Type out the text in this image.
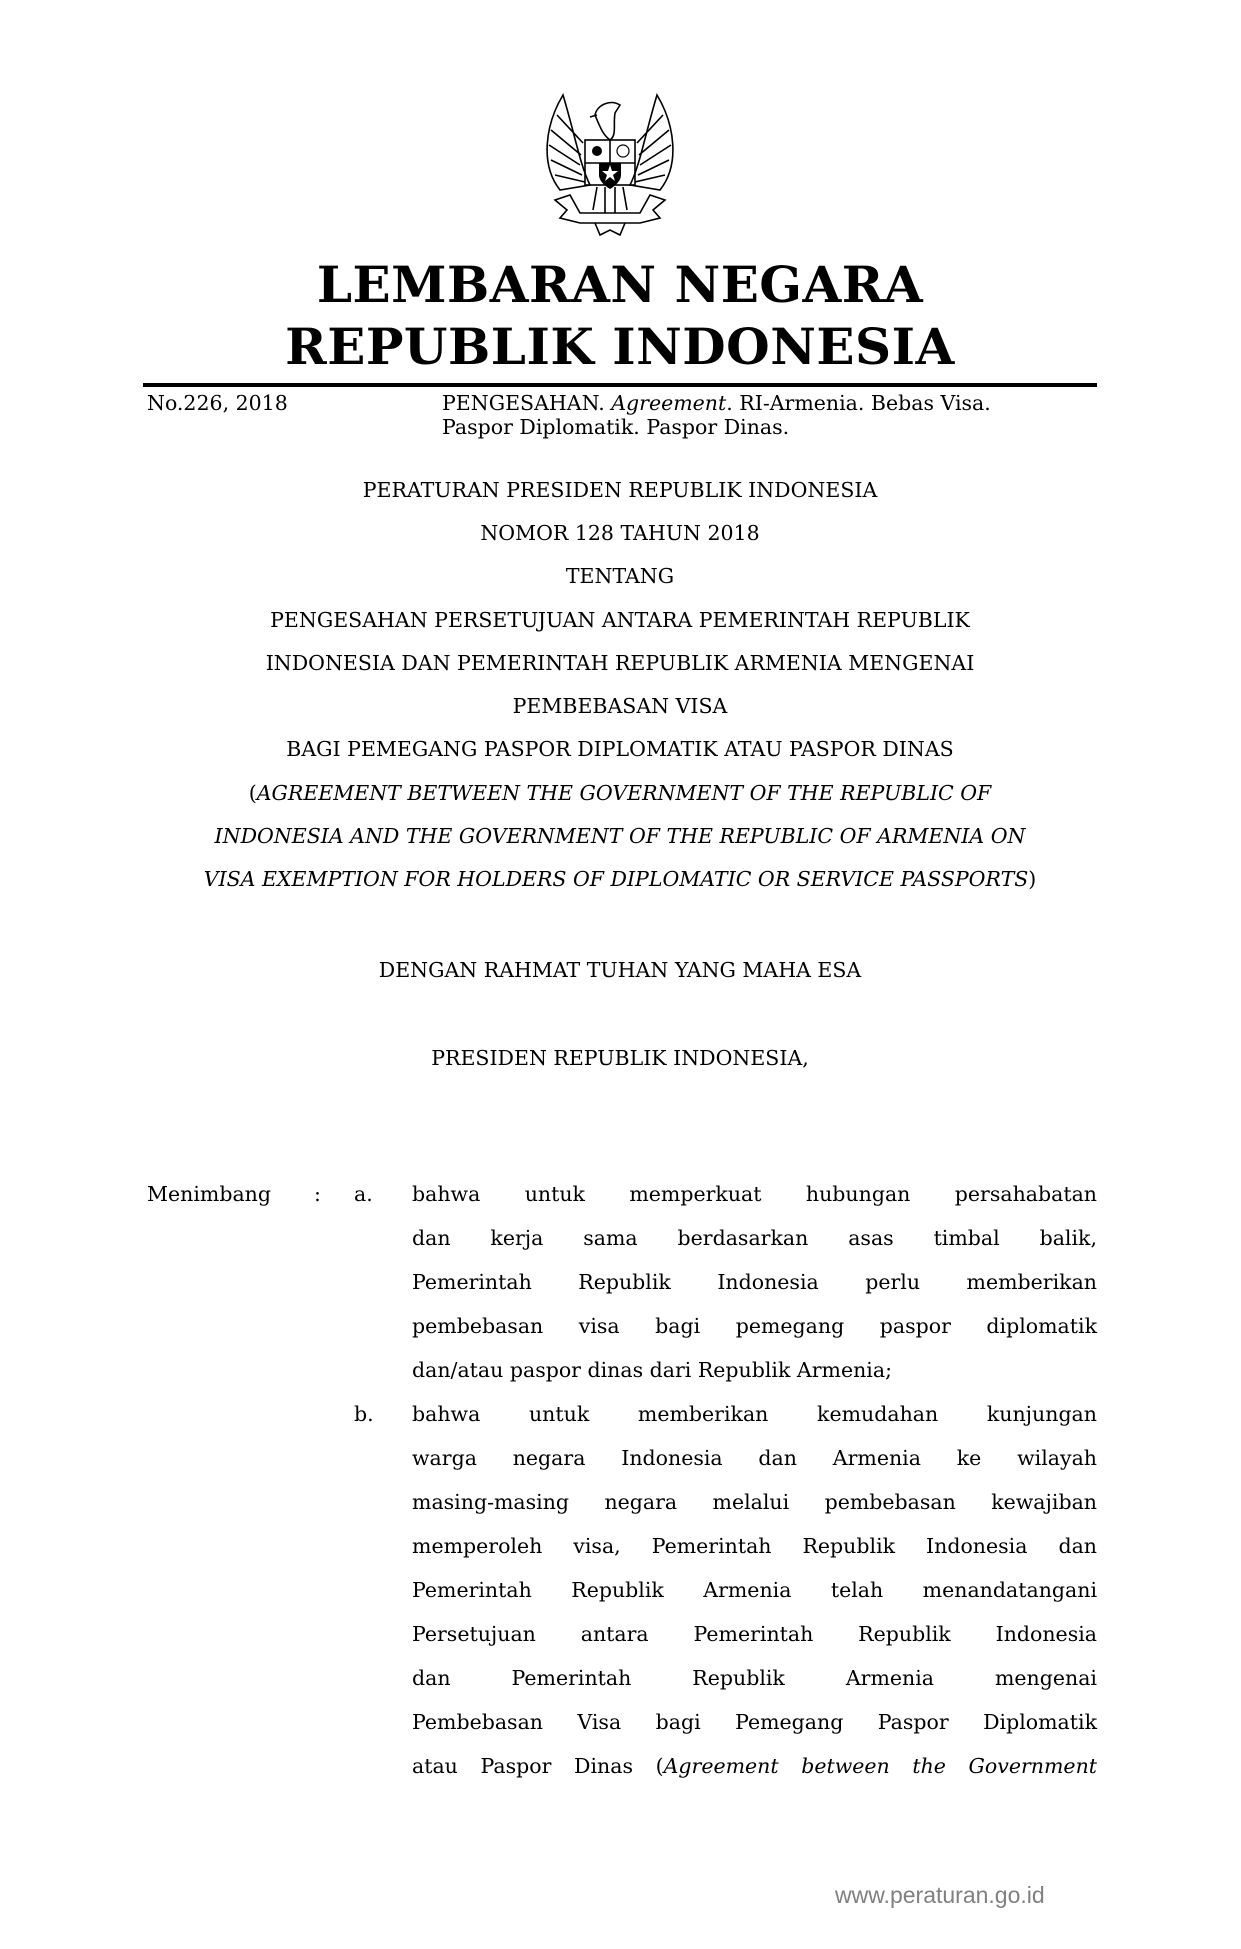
LEMBARAN NEGARA
REPUBLIK INDONESIA
No.226, 2018	PENGESAHAN. Agreement. RI-Armenia. Bebas Visa.
Paspor Diplomatik. Paspor Dinas.
PERATURAN PRESIDEN REPUBLIK INDONESIA
NOMOR 128 TAHUN 2018
TENTANG
PENGESAHAN PERSETUJUAN ANTARA PEMERINTAH REPUBLIK
INDONESIA DAN PEMERINTAH REPUBLIK ARMENIA MENGENAI
PEMBEBASAN VISA
BAGI PEMEGANG PASPOR DIPLOMATIK ATAU PASPOR DINAS
(AGREEMENT BETWEEN THE GOVERNMENT OF THE REPUBLIC OF
INDONESIA AND THE GOVERNMENT OF THE REPUBLIC OF ARMENIA ON
VISA EXEMPTION FOR HOLDERS OF DIPLOMATIC OR SERVICE PASSPORTS)
DENGAN RAHMAT TUHAN YANG MAHA ESA
PRESIDEN REPUBLIK INDONESIA,
Menimbang : a. bahwa untuk memperkuat hubungan persahabatan
dan kerja sama berdasarkan asas timbal balik,
Pemerintah Republik Indonesia perlu memberikan
pembebasan visa bagi pemegang paspor diplomatik
dan/atau paspor dinas dari Republik Armenia;
b. bahwa untuk memberikan kemudahan kunjungan
warga negara Indonesia dan Armenia ke wilayah
masing-masing negara melalui pembebasan kewajiban
memperoleh visa, Pemerintah Republik Indonesia dan
Pemerintah Republik Armenia telah menandatangani
Persetujuan antara Pemerintah Republik Indonesia
dan Pemerintah Republik Armenia mengenai
Pembebasan Visa bagi Pemegang Paspor Diplomatik
atau Paspor Dinas (Agreement between the Government
www.peraturan.go.id
